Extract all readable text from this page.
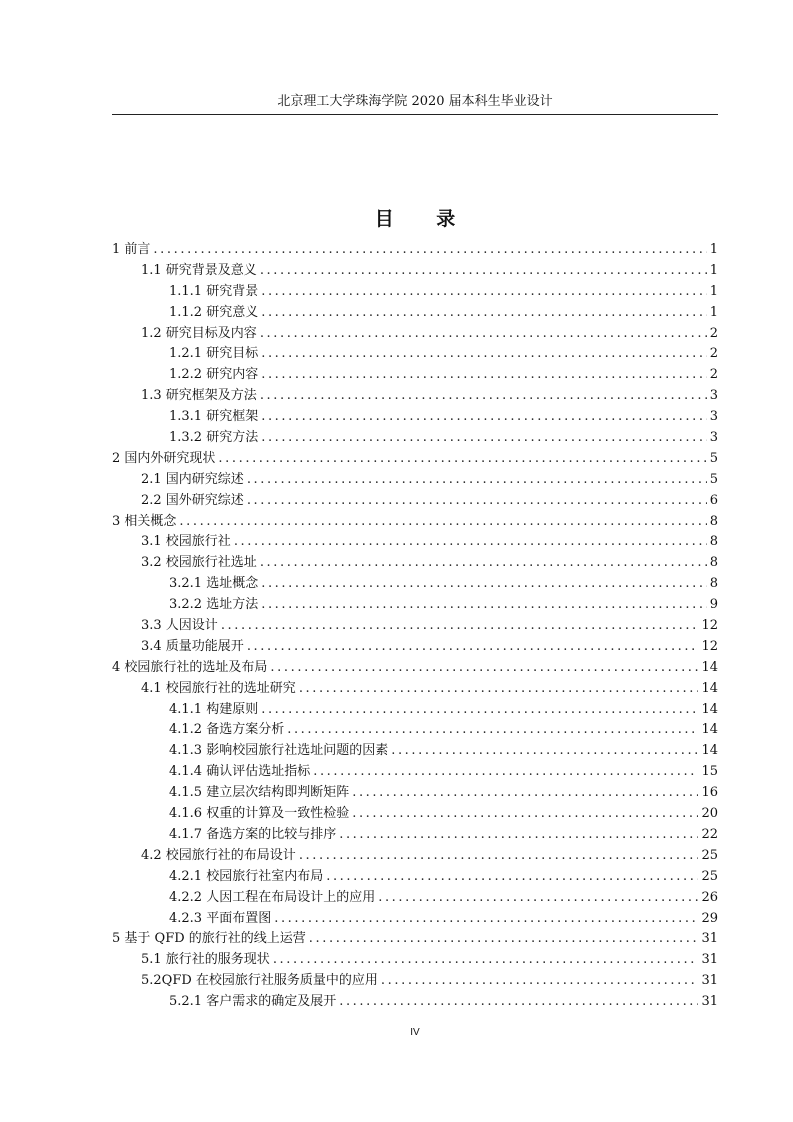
北京理工大学珠海学院 2020 届本科生毕业设计
目 录
1 前言 .....	1
1.1 研究背景及意义 .....	1
1.1.1 研究背景 .....	1
1.1.2 研究意义 .....	1
1.2 研究目标及内容 .....	2
1.2.1 研究目标 .....	2
1.2.2 研究内容 .....	2
1.3 研究框架及方法 .....	3
1.3.1 研究框架 .....	3
1.3.2 研究方法 .....	3
2 国内外研究现状 .....	5
2.1 国内研究综述 .....	5
2.2 国外研究综述 .....	6
3 相关概念 .....	8
3.1 校园旅行社 .....	8
3.2 校园旅行社选址 .....	8
3.2.1 选址概念 .....	8
3.2.2 选址方法 .....	9
3.3 人因设计 .....	12
3.4 质量功能展开 .....	12
4 校园旅行社的选址及布局 .....	14
4.1 校园旅行社的选址研究 .....	14
4.1.1 构建原则 .....	14
4.1.2 备选方案分析 .....	14
4.1.3 影响校园旅行社选址问题的因素 .....	14
4.1.4 确认评估选址指标 .....	15
4.1.5 建立层次结构即判断矩阵 .....	16
4.1.6 权重的计算及一致性检验 .....	20
4.1.7 备选方案的比较与排序 .....	22
4.2 校园旅行社的布局设计 .....	25
4.2.1 校园旅行社室内布局 .....	25
4.2.2 人因工程在布局设计上的应用 .....	26
4.2.3 平面布置图 .....	29
5 基于 QFD 的旅行社的线上运营 .....	31
5.1 旅行社的服务现状 .....	31
5.2QFD 在校园旅行社服务质量中的应用 .....	31
5.2.1 客户需求的确定及展开 .....	31
IV
